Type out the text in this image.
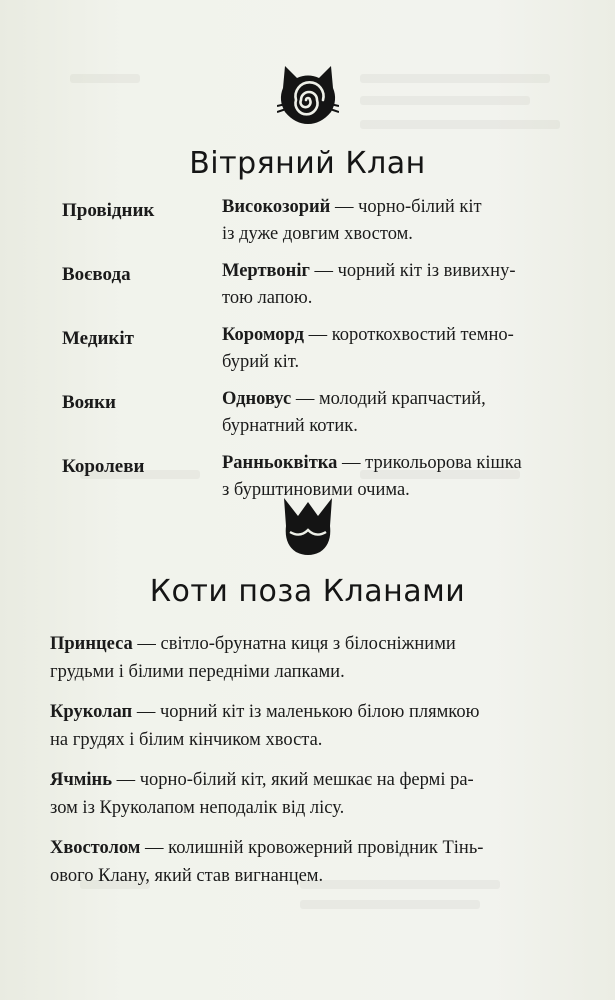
Вітряний Клан
Провідник	Високозорий — чорно-білий кіт
із дуже довгим хвостом.
Воєвода	Мертвоніг — чорний кіт із вивихну-
тою лапою.
Медикіт	Короморд — короткохвостий темно-
бурий кіт.
Вояки	Одновус — молодий крапчастий,
бурнатний котик.
Королеви	Ранньоквітка — трикольорова кішка
з бурштиновими очима.
Коти поза Кланами

Принцеса — світло-брунатна киця з білосніжними
грудьми і білими передніми лапками.

Круколап — чорний кіт із маленькою білою плямкою
на грудях і білим кінчиком хвоста.

Ячмінь — чорно-білий кіт, який мешкає на фермі ра-
зом із Круколапом неподалік від лісу.

Хвостолом — колишній кровожерний провідник Тінь-
ового Клану, який став вигнанцем.
